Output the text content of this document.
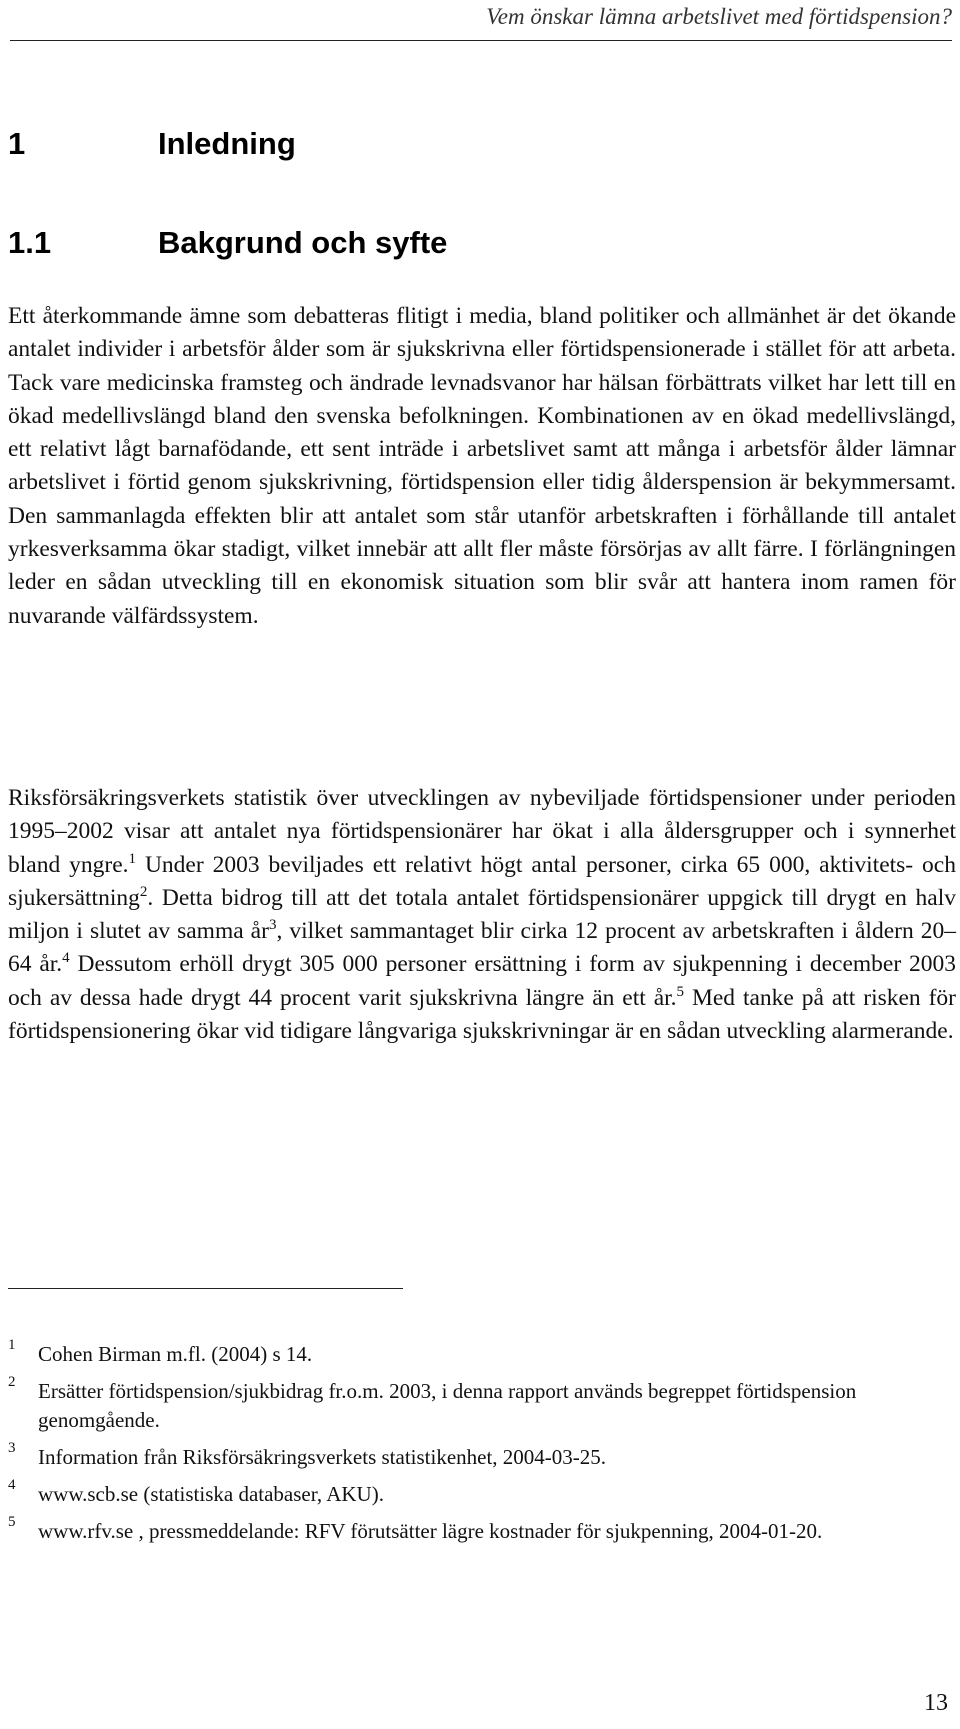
Vem önskar lämna arbetslivet med förtidspension?
1	Inledning
1.1	Bakgrund och syfte

Ett återkommande ämne som debatteras flitigt i media, bland politiker och allmänhet är det ökande antalet individer i arbetsför ålder som är sjukskrivna eller förtidspensionerade i stället för att arbeta. Tack vare medicinska framsteg och ändrade levnadsvanor har hälsan förbättrats vilket har lett till en ökad medellivslängd bland den svenska befolkningen. Kombinationen av en ökad medellivslängd, ett relativt lågt barnafödande, ett sent inträde i arbetslivet samt att många i arbetsför ålder lämnar arbetslivet i förtid genom sjukskrivning, förtidspension eller tidig ålderspension är bekymmersamt. Den sammanlagda effekten blir att antalet som står utanför arbetskraften i förhållande till antalet yrkesverksamma ökar stadigt, vilket innebär att allt fler måste försörjas av allt färre. I förlängningen leder en sådan utveckling till en ekonomisk situation som blir svår att hantera inom ramen för nuvarande välfärdssystem.

Riksförsäkringsverkets statistik över utvecklingen av nybeviljade förtidspensioner under perioden 1995–2002 visar att antalet nya förtidspensionärer har ökat i alla åldersgrupper och i synnerhet bland yngre.$^1$ Under 2003 beviljades ett relativt högt antal personer, cirka 65 000, aktivitets- och sjukersättning$^2$. Detta bidrog till att det totala antalet förtidspensionärer uppgick till drygt en halv miljon i slutet av samma $år^3$, vilket sammantaget blir cirka 12 procent av arbetskraften i åldern 20–64 år.$^4$ Dessutom erhöll drygt 305 000 personer ersättning i form av sjukpenning i december 2003 och av dessa hade drygt 44 procent varit sjukskrivna längre än ett år.$^5$ Med tanke på att risken för förtidspensionering ökar vid tidigare långvariga sjukskrivningar är en sådan utveckling alarmerande.

1	Cohen Birman m.fl. (2004) s 14.
2	Ersätter förtidspension/sjukbidrag fr.o.m. 2003, i denna rapport används begreppet förtidspension genomgående.
3	Information från Riksförsäkringsverkets statistikenhet, 2004-03-25.
4	www.scb.se (statistiska databaser, AKU).
5	www.rfv.se , pressmeddelande: RFV förutsätter lägre kostnader för sjukpenning, 2004-01-20.
13
